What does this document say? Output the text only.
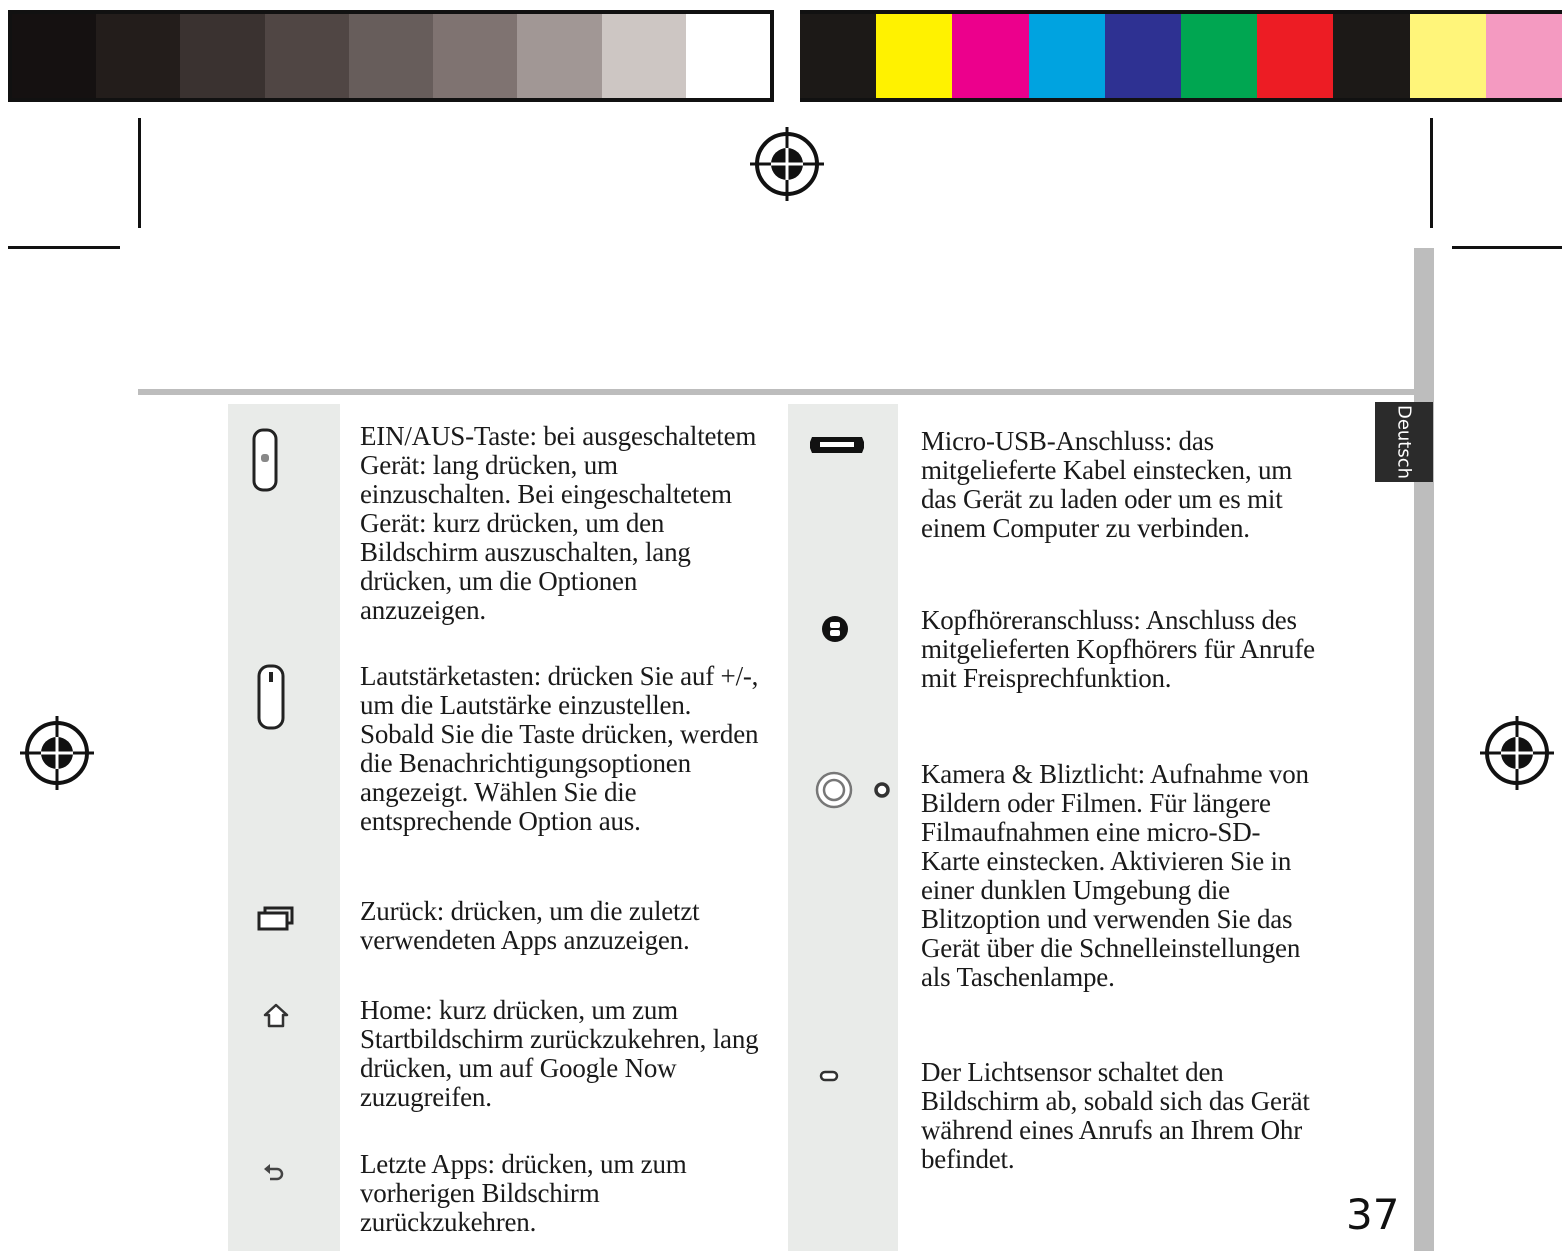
Deutsch

EIN/AUS-Taste: bei ausgeschaltetem Gerät: lang drücken, um einzuschalten. Bei eingeschaltetem Gerät: kurz drücken, um den Bildschirm auszuschalten, lang drücken, um die Optionen anzuzeigen.

Lautstärketasten: drücken Sie auf +/-, um die Lautstärke einzustellen. Sobald Sie die Taste drücken, werden die Benachrichtigungsoptionen angezeigt. Wählen Sie die entsprechende Option aus.

Zurück: drücken, um die zuletzt verwendeten Apps anzuzeigen.

Home: kurz drücken, um zum Startbildschirm zurückzukehren, lang drücken, um auf Google Now zuzugreifen.

Letzte Apps: drücken, um zum vorherigen Bildschirm zurückzukehren.

Micro-USB-Anschluss: das mitgelieferte Kabel einstecken, um das Gerät zu laden oder um es mit einem Computer zu verbinden.

Kopfhöreranschluss: Anschluss des mitgelieferten Kopfhörers für Anrufe mit Freisprechfunktion.

Kamera & Bliztlicht: Aufnahme von Bildern oder Filmen. Für längere Filmaufnahmen eine micro-SD-Karte einstecken. Aktivieren Sie in einer dunklen Umgebung die Blitzoption und verwenden Sie das Gerät über die Schnelleinstellungen als Taschenlampe.

Der Lichtsensor schaltet den Bildschirm ab, sobald sich das Gerät während eines Anrufs an Ihrem Ohr befindet.

37
